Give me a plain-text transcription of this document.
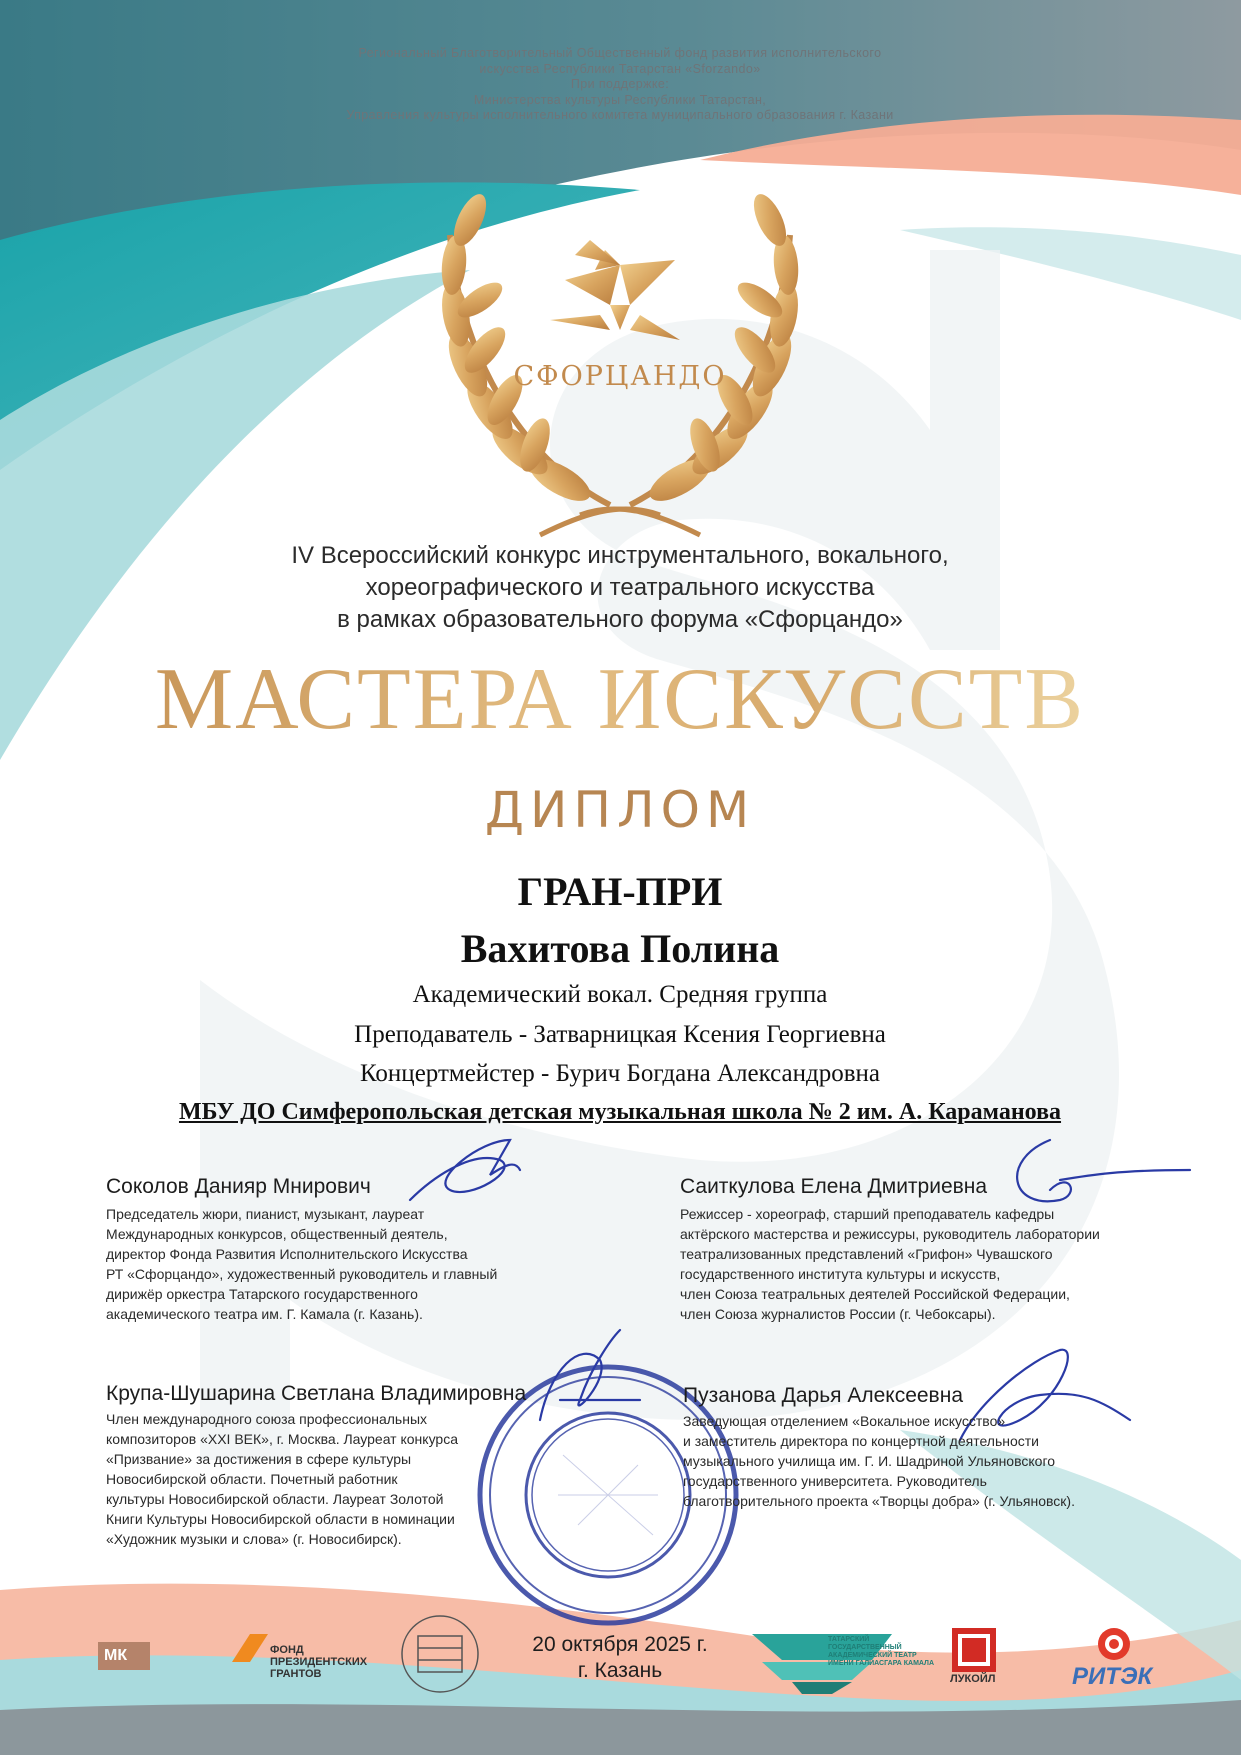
Региональный Благотворительный Общественный фонд развития исполнительского
искусства Республики Татарстан «Sforzando»
При поддержке:
Министерства культуры Республики Татарстан,
Управления культуры исполнительного комитета муниципального образования г. Казани
СФОРЦАНДО
IV Всероссийский конкурс инструментального, вокального,
хореографического и театрального искусства
в рамках образовательного форума «Сфорцандо»
МАСТЕРА ИСКУССТВ
ДИПЛОМ
ГРАН-ПРИ
Вахитова Полина
Академический вокал. Средняя группа
Преподаватель - Затварницкая Ксения Георгиевна
Концертмейстер - Бурич Богдана Александровна
МБУ ДО Симферопольская детская музыкальная школа № 2 им. А. Караманова
Соколов Данияр Мнирович
Председатель жюри, пианист, музыкант, лауреат
Международных конкурсов, общественный деятель,
директор Фонда Развития Исполнительского Искусства
РТ «Сфорцандо», художественный руководитель и главный
дирижёр оркестра Татарского государственного
академического театра им. Г. Камала (г. Казань).
Саиткулова Елена Дмитриевна
Режиссер - хореограф, старший преподаватель кафедры
актёрского мастерства и режиссуры, руководитель лаборатории
театрализованных представлений «Грифон» Чувашского
государственного института культуры и искусств,
член Союза театральных деятелей Российской Федерации,
член Союза журналистов России (г. Чебоксары).
Крупа-Шушарина Светлана Владимировна
Член международного союза профессиональных
композиторов «XXI ВЕК», г. Москва. Лауреат конкурса
«Призвание» за достижения в сфере культуры
Новосибирской области. Почетный работник
культуры Новосибирской области. Лауреат Золотой
Книги Культуры Новосибирской области в номинации
«Художник музыки и слова» (г. Новосибирск).
Пузанова Дарья Алексеевна
Заведующая отделением «Вокальное искусство»
и заместитель директора по концертной деятельности
музыкального училища им. Г. И. Шадриной Ульяновского
государственного университета. Руководитель
благотворительного проекта «Творцы добра» (г. Ульяновск).
20 октября 2025 г.
г. Казань
МК	ФОНД ПРЕЗИДЕНТСКИХ ГРАНТОВ
ТАТАРСКИЙ ГОСУДАРСТВЕННЫЙ АКАДЕМИЧЕСКИЙ ТЕАТР ИМЕНИ ГАЛИАСГАРА КАМАЛА
ЛУКОЙЛ	РИТЭК
